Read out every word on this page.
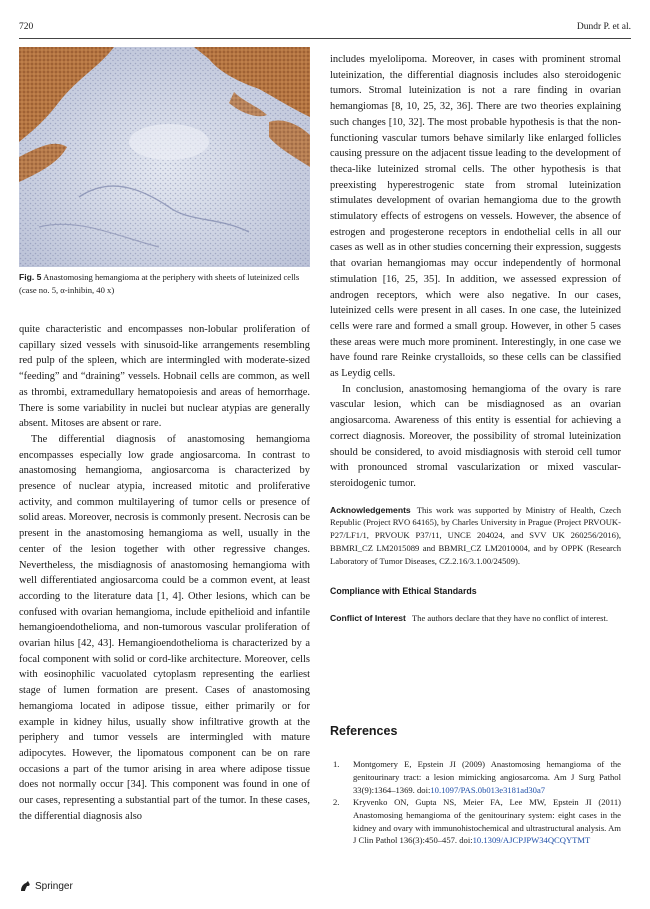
720	Dundr P. et al.
Fig. 5 Anastomosing hemangioma at the periphery with sheets of luteinized cells (case no. 5, α-inhibin, 40 x)

quite characteristic and encompasses non-lobular proliferation of capillary sized vessels with sinusoid-like arrangements resembling red pulp of the spleen, which are intermingled with moderate-sized “feeding” and “draining” vessels. Hobnail cells are common, as well as thrombi, extramedullary hematopoiesis and areas of hemorrhage. There is some variability in nuclei but nuclear atypias are generally absent. Mitoses are absent or rare.

The differential diagnosis of anastomosing hemangioma encompasses especially low grade angiosarcoma. In contrast to anastomosing hemangioma, angiosarcoma is characterized by presence of nuclear atypia, increased mitotic and proliferative activity, and common multilayering of tumor cells or presence of solid areas. Moreover, necrosis is commonly present. Necrosis can be present in the anastomosing hemangioma as well, usually in the center of the lesion together with other regressive changes. Nevertheless, the misdiagnosis of anastomosing hemangioma with well differentiated angiosarcoma could be a common event, at least according to the literature data [1, 4]. Other lesions, which can be confused with ovarian hemangioma, include epithelioid and infantile hemangioendothelioma, and non-tumorous vascular proliferation of ovarian hilus [42, 43]. Hemangioendothelioma is characterized by a focal component with solid or cord-like architecture. Moreover, cells with eosinophilic vacuolated cytoplasm representing the earliest stage of lumen formation are present. Cases of anastomosing hemangioma located in adipose tissue, either primarily or for example in kidney hilus, usually show infiltrative growth at the periphery and tumor vessels are intermingled with mature adipocytes. However, the lipomatous component can be on rare occasions a part of the tumor arising in area where adipose tissue does not normally occur [34]. This component was found in one of our cases, representing a substantial part of the tumor. In these cases, the differential diagnosis also

includes myelolipoma. Moreover, in cases with prominent stromal luteinization, the differential diagnosis includes also steroidogenic tumors. Stromal luteinization is not a rare finding in ovarian hemangiomas [8, 10, 25, 32, 36]. There are two theories explaining such changes [10, 32]. The most probable hypothesis is that the non-functioning vascular tumors behave similarly like enlarged follicles causing pressure on the adjacent tissue leading to the development of theca-like luteinized stromal cells. The other hypothesis is that preexisting hyperestrogenic state from stromal luteinization stimulates development of ovarian hemangioma due to the growth stimulatory effects of estrogens on vessels. However, the absence of estrogen and progesterone receptors in endothelial cells in all our cases as well as in other studies concerning their expression, suggests that ovarian hemangiomas may occur independently of hormonal stimulation [16, 25, 35]. In addition, we assessed expression of androgen receptors, which were also negative. In our cases, luteinized cells were present in all cases. In one case, the luteinized cells were rare and formed a small group. However, in other 5 cases these areas were much more prominent. Interestingly, in one case we have found rare Reinke crystalloids, so these cells can be classified as Leydig cells.

In conclusion, anastomosing hemangioma of the ovary is rare vascular lesion, which can be misdiagnosed as an ovarian angiosarcoma. Awareness of this entity is essential for achieving a correct diagnosis. Moreover, the possibility of stromal luteinization should be considered, to avoid misdiagnosis with steroid cell tumor with pronounced stromal vascularization or mixed vascular-steroidogenic tumor.

Acknowledgements This work was supported by Ministry of Health, Czech Republic (Project RVO 64165), by Charles University in Prague (Project PRVOUK-P27/LF1/1, PRVOUK P37/11, UNCE 204024, and SVV UK 260256/2016), BBMRI_CZ LM2015089 and BBMRI_CZ LM2010004, and by OPPK (Research Laboratory of Tumor Diseases, CZ.2.16/3.1.00/24509).
Compliance with Ethical Standards
Conflict of Interest The authors declare that they have no conflict of interest.
References
1. Montgomery E, Epstein JI (2009) Anastomosing hemangioma of the genitourinary tract: a lesion mimicking angiosarcoma. Am J Surg Pathol 33(9):1364–1369. doi:10.1097/PAS.0b013e3181ad30a7
2. Kryvenko ON, Gupta NS, Meier FA, Lee MW, Epstein JI (2011) Anastomosing hemangioma of the genitourinary system: eight cases in the kidney and ovary with immunohistochemical and ultrastructural analysis. Am J Clin Pathol 136(3):450–457. doi:10.1309/AJCPJPW34QCQYTMT
Springer
